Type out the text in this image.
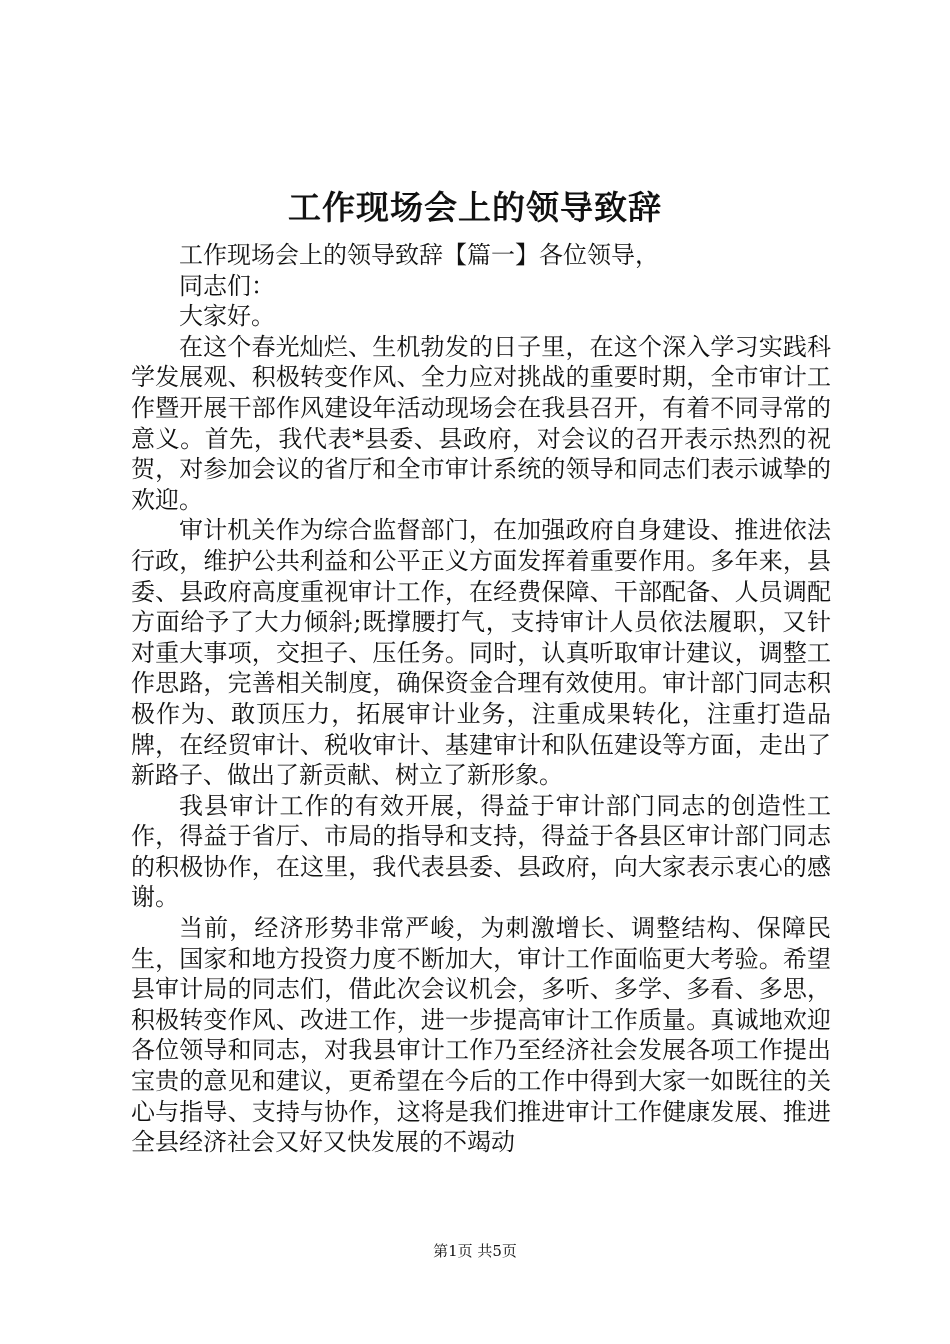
工作现场会上的领导致辞

工作现场会上的领导致辞【篇一】各位领导，

同志们：

大家好。

在这个春光灿烂、生机勃发的日子里，在这个深入学习实践科学发展观、积极转变作风、全力应对挑战的重要时期，全市审计工作暨开展干部作风建设年活动现场会在我县召开，有着不同寻常的意义。首先，我代表*县委、县政府，对会议的召开表示热烈的祝贺，对参加会议的省厅和全市审计系统的领导和同志们表示诚挚的欢迎。

审计机关作为综合监督部门，在加强政府自身建设、推进依法行政，维护公共利益和公平正义方面发挥着重要作用。多年来，县委、县政府高度重视审计工作，在经费保障、干部配备、人员调配方面给予了大力倾斜;既撑腰打气，支持审计人员依法履职，又针对重大事项，交担子、压任务。同时，认真听取审计建议，调整工作思路，完善相关制度，确保资金合理有效使用。审计部门同志积极作为、敢顶压力，拓展审计业务，注重成果转化，注重打造品牌，在经贸审计、税收审计、基建审计和队伍建设等方面，走出了新路子、做出了新贡献、树立了新形象。

我县审计工作的有效开展，得益于审计部门同志的创造性工作，得益于省厅、市局的指导和支持，得益于各县区审计部门同志的积极协作，在这里，我代表县委、县政府，向大家表示衷心的感谢。

当前，经济形势非常严峻，为刺激增长、调整结构、保障民生，国家和地方投资力度不断加大，审计工作面临更大考验。希望县审计局的同志们，借此次会议机会，多听、多学、多看、多思，积极转变作风、改进工作，进一步提高审计工作质量。真诚地欢迎各位领导和同志，对我县审计工作乃至经济社会发展各项工作提出宝贵的意见和建议，更希望在今后的工作中得到大家一如既往的关心与指导、支持与协作，这将是我们推进审计工作健康发展、推进全县经济社会又好又快发展的不竭动

第1页 共5页
